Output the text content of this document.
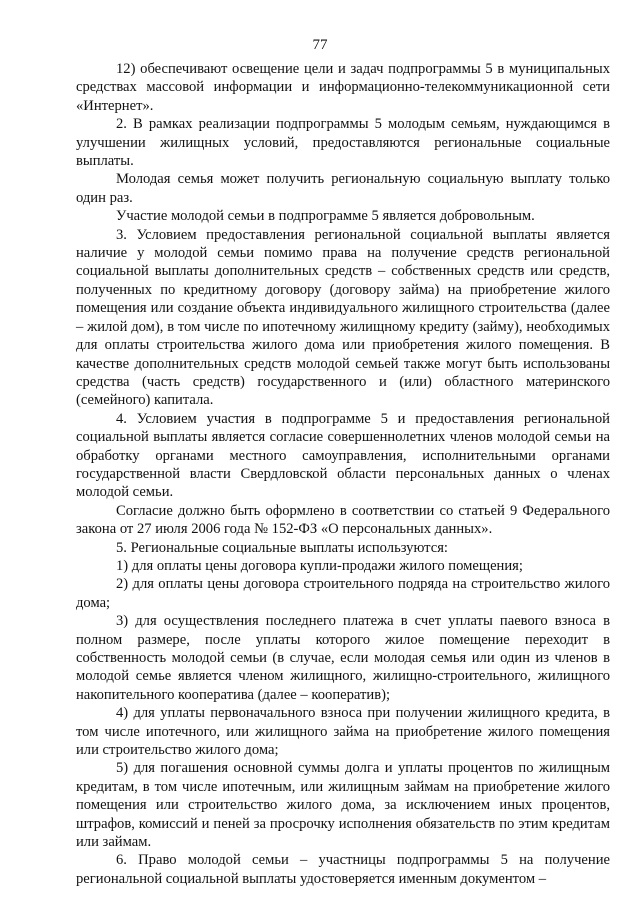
77

12) обеспечивают освещение цели и задач подпрограммы 5 в муниципальных средствах массовой информации и информационно-телекоммуникационной сети «Интернет».

2. В рамках реализации подпрограммы 5 молодым семьям, нуждающимся в улучшении жилищных условий, предоставляются региональные социальные выплаты.

Молодая семья может получить региональную социальную выплату только один раз.

Участие молодой семьи в подпрограмме 5 является добровольным.

3. Условием предоставления региональной социальной выплаты является наличие у молодой семьи помимо права на получение средств региональной социальной выплаты дополнительных средств – собственных средств или средств, полученных по кредитному договору (договору займа) на приобретение жилого помещения или создание объекта индивидуального жилищного строительства (далее – жилой дом), в том числе по ипотечному жилищному кредиту (займу), необходимых для оплаты строительства жилого дома или приобретения жилого помещения. В качестве дополнительных средств молодой семьей также могут быть использованы средства (часть средств) государственного и (или) областного материнского (семейного) капитала.

4. Условием участия в подпрограмме 5 и предоставления региональной социальной выплаты является согласие совершеннолетних членов молодой семьи на обработку органами местного самоуправления, исполнительными органами государственной власти Свердловской области персональных данных о членах молодой семьи.

Согласие должно быть оформлено в соответствии со статьей 9 Федерального закона от 27 июля 2006 года № 152-ФЗ «О персональных данных».

5. Региональные социальные выплаты используются:

1) для оплаты цены договора купли-продажи жилого помещения;

2) для оплаты цены договора строительного подряда на строительство жилого дома;

3) для осуществления последнего платежа в счет уплаты паевого взноса в полном размере, после уплаты которого жилое помещение переходит в собственность молодой семьи (в случае, если молодая семья или один из членов в молодой семье является членом жилищного, жилищно-строительного, жилищного накопительного кооператива (далее – кооператив);

4) для уплаты первоначального взноса при получении жилищного кредита, в том числе ипотечного, или жилищного займа на приобретение жилого помещения или строительство жилого дома;

5) для погашения основной суммы долга и уплаты процентов по жилищным кредитам, в том числе ипотечным, или жилищным займам на приобретение жилого помещения или строительство жилого дома, за исключением иных процентов, штрафов, комиссий и пеней за просрочку исполнения обязательств по этим кредитам или займам.

6. Право молодой семьи – участницы подпрограммы 5 на получение региональной социальной выплаты удостоверяется именным документом –
